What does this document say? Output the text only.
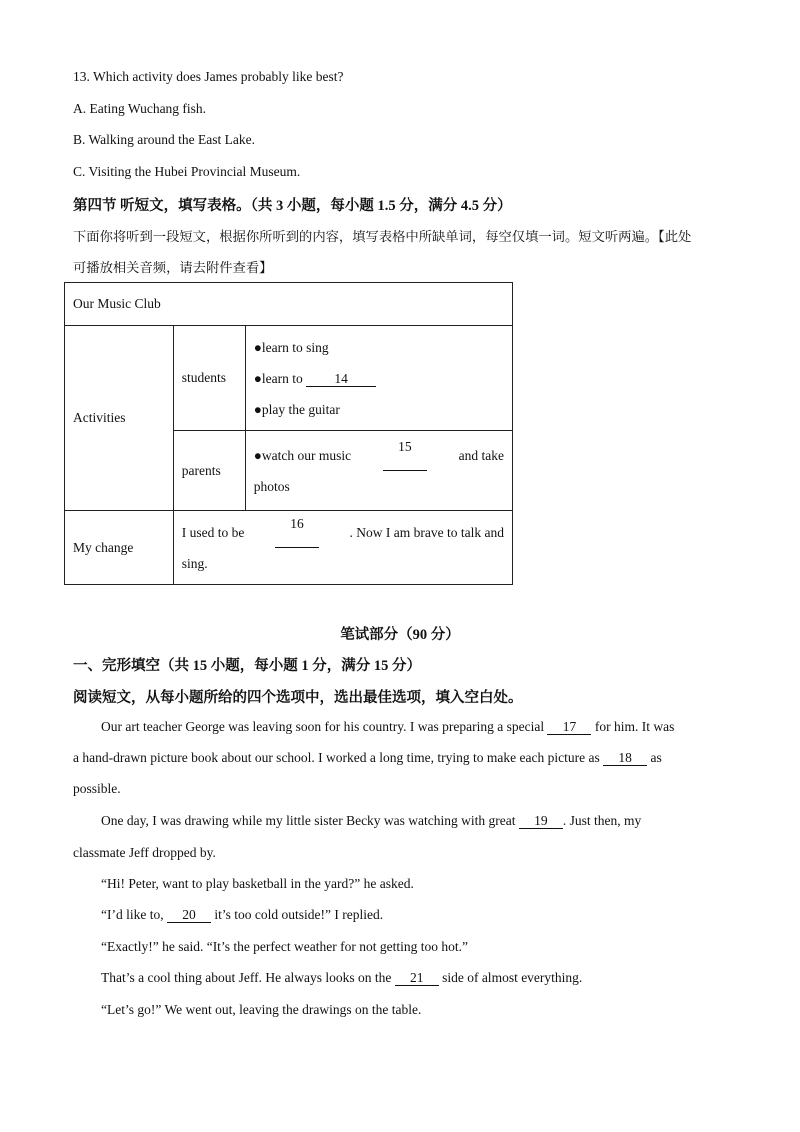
13. Which activity does James probably like best?
A. Eating Wuchang fish.
B. Walking around the East Lake.
C. Visiting the Hubei Provincial Museum.
第四节 听短文，填写表格。（共 3 小题，每小题 1.5 分，满分 4.5 分）
下面你将听到一段短文，根据你所听到的内容，填写表格中所缺单词，每空仅填一词。短文听两遍。【此处
可播放相关音频，请去附件查看】
Our Music Club		
Activities	students	●learn to sing
●learn to 14
●play the guitar

	parents	●watch our music
15
and take
photos

My change	I used to be
16
. Now I am brave to talk and
sing.	
笔试部分（90 分）
一、完形填空（共 15 小题，每小题 1 分，满分 15 分）
阅读短文，从每小题所给的四个选项中，选出最佳选项，填入空白处。
Our art teacher George was leaving soon for his country. I was preparing a special 17 for him. It was
a hand-drawn picture book about our school. I worked a long time, trying to make each picture as 18 as
possible.
One day, I was drawing while my little sister Becky was watching with great 19 . Just then, my
classmate Jeff dropped by.
“Hi! Peter, want to play basketball in the yard?” he asked.
“I’d like to, 20 it’s too cold outside!” I replied.
“Exactly!” he said. “It’s the perfect weather for not getting too hot.”
That’s a cool thing about Jeff. He always looks on the 21 side of almost everything.
“Let’s go!” We went out, leaving the drawings on the table.
